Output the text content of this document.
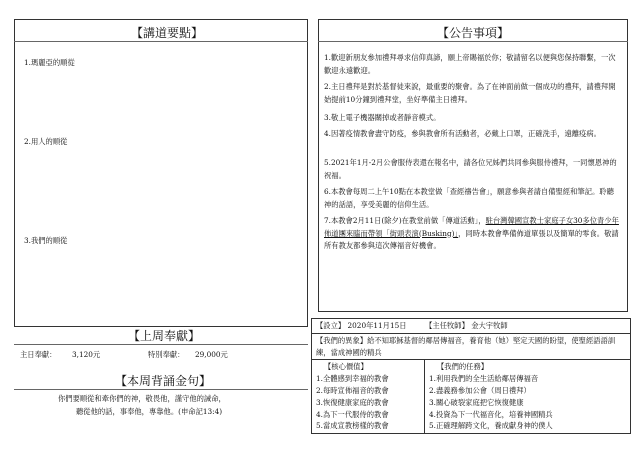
【講道要點】
1.瑪麗亞的順從
2.用人的順從
3.我們的順從
【上周奉獻】
主日奉獻： 3,120元	特別奉獻： 29,000元
【本周背誦金句】
你們要順從和牽你們的神，敬畏他，謹守他的誡命，
聽從他的話，事奉他，專靠他。(申命記13:4)
【公告事項】
1.歡迎新朋友參加禮拜尋求信仰真諦，願上帝賜福於你；敬請留名以便與您保持聯繫，一次歡迎永遠歡迎。
2.主日禮拜是對於基督徒來說，最重要的聚會。為了在神面前做一個成功的禮拜，請禮拜開始提前10分鐘到禮拜堂，坐好準備主日禮拜。
3.敬上電子機器關掉或者靜音模式。
4.因著疫情教會盡守防疫，參與教會所有活動者，必戴上口罩，正確洗手，遠離疫病。
5.2021年1月-2月公會服侍表還在報名中，請各位兄姊們共同參與服侍禮拜，一同懷恩神的祝福。
6.本教會每周二上午10點在本教堂做「查經禱告會」，願意參與者請自備聖經和筆記。聆聽神的話語，享受美麗的信仰生活。
7.本教會2月11日(除夕)在教堂前做「傳道活動」，駐台灣韓國宣教士家庭子女30多位青少年佈道團來臨而帶領「街頭表演(Busking)」，同時本教會準備佈道單張以及簡單的零食。敬請所有教友都參與這次傳福音好機會。
【設立】 2020年11月15日	【主任牧師】 金大宇牧師
【我們的異象】給不知耶穌基督的鄰居傳福音，養育他（她）堅定天國的盼望，使聖經語語訓練，當成神國的精兵

【核心價值】
1.全體感到幸福的教會
2.每時宣佈福音的教會
3.恢復健康家庭的教會
4.為下一代服侍的教會
5.當成宣教榜樣的教會

【我們的任務】
1.利用我們的全生活給鄰居傳福音
2.盡義務參加公會（周日禮拜）
3.關心破裂家庭把它恢復健康
4.投資為下一代福音化，培養神國精兵
5.正確理解跨文化，養成獻身神的僕人
